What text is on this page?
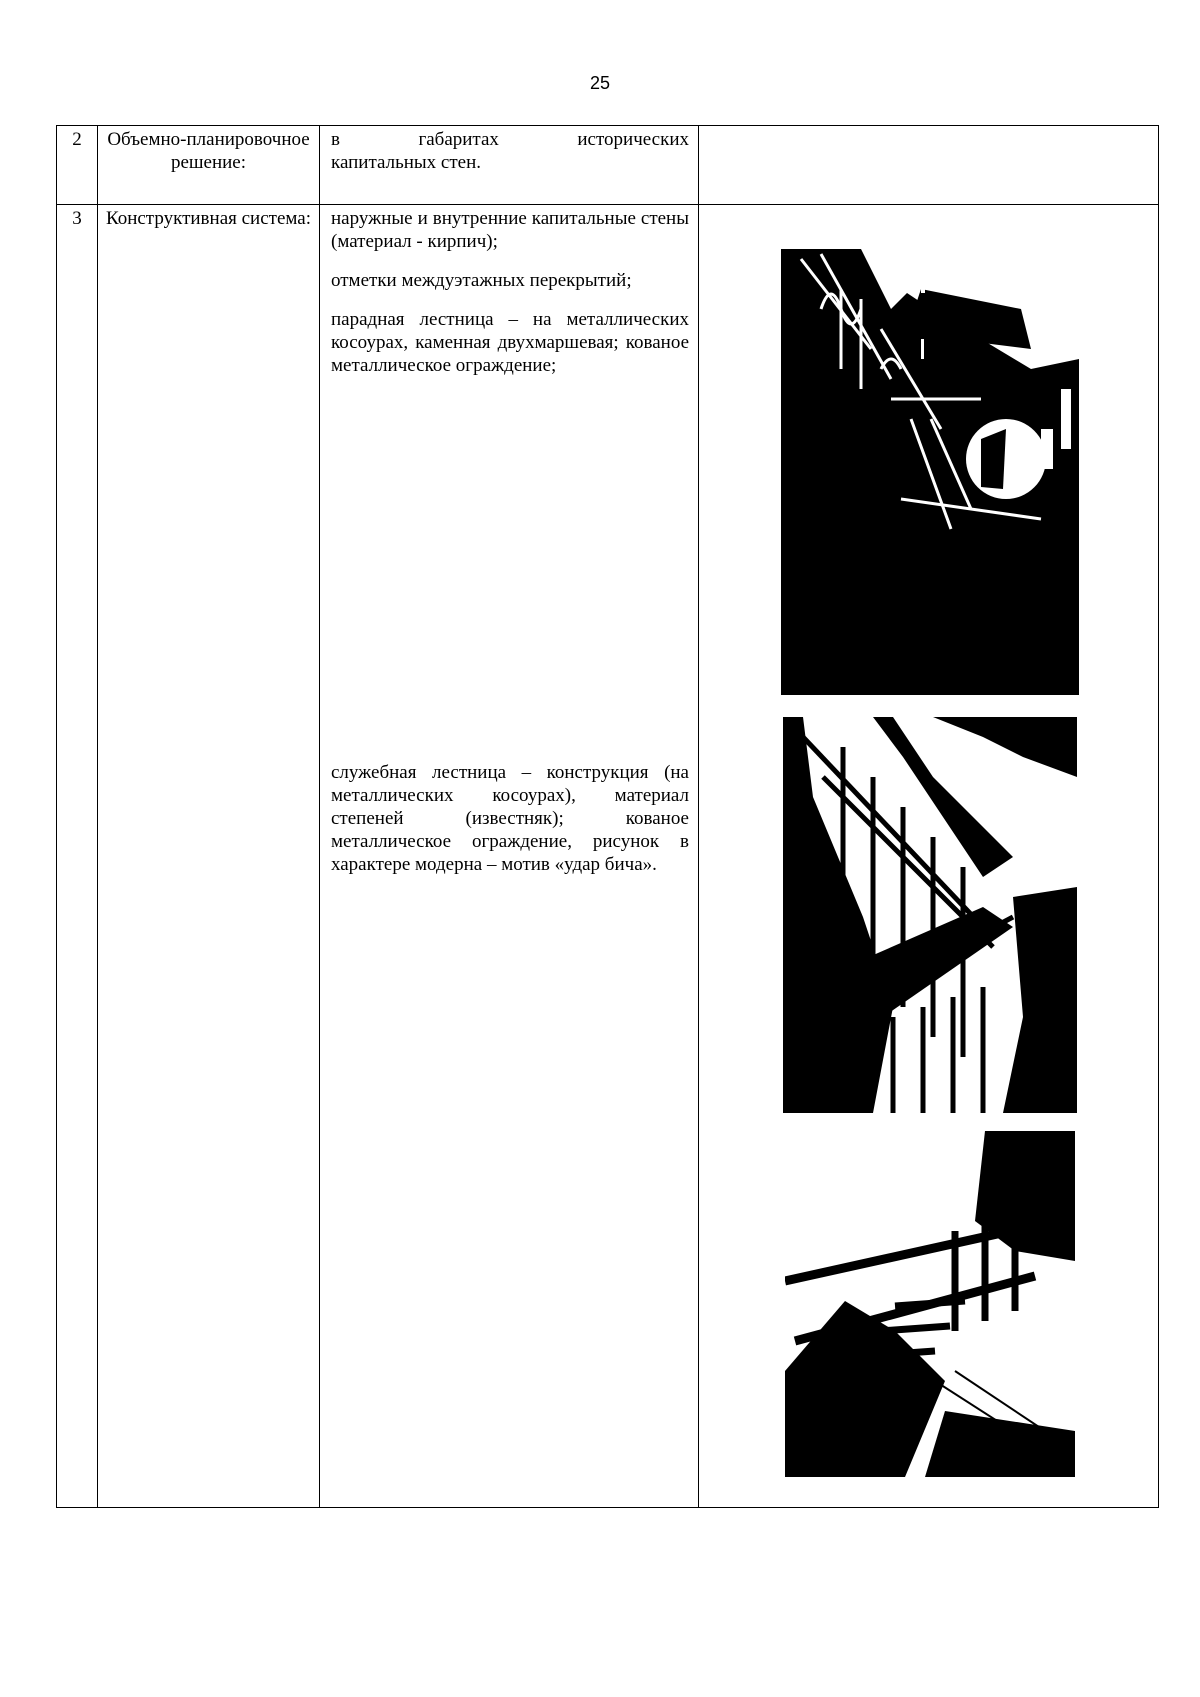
25
2	Объемно-планировочное решение:	в габаритах исторических
капитальных стен.	

3	Конструктивная система:	наружные и внутренние капитальные стены (материал - кирпич);

отметки междуэтажных перекрытий;

парадная лестница – на металлических косоурах, каменная двухмаршевая; кованое металлическое ограждение;

служебная лестница – конструкция (на металлических косоурах), материал степеней (известняк); кованое металлическое ограждение, рисунок в характере модерна – мотив «удар бича».
